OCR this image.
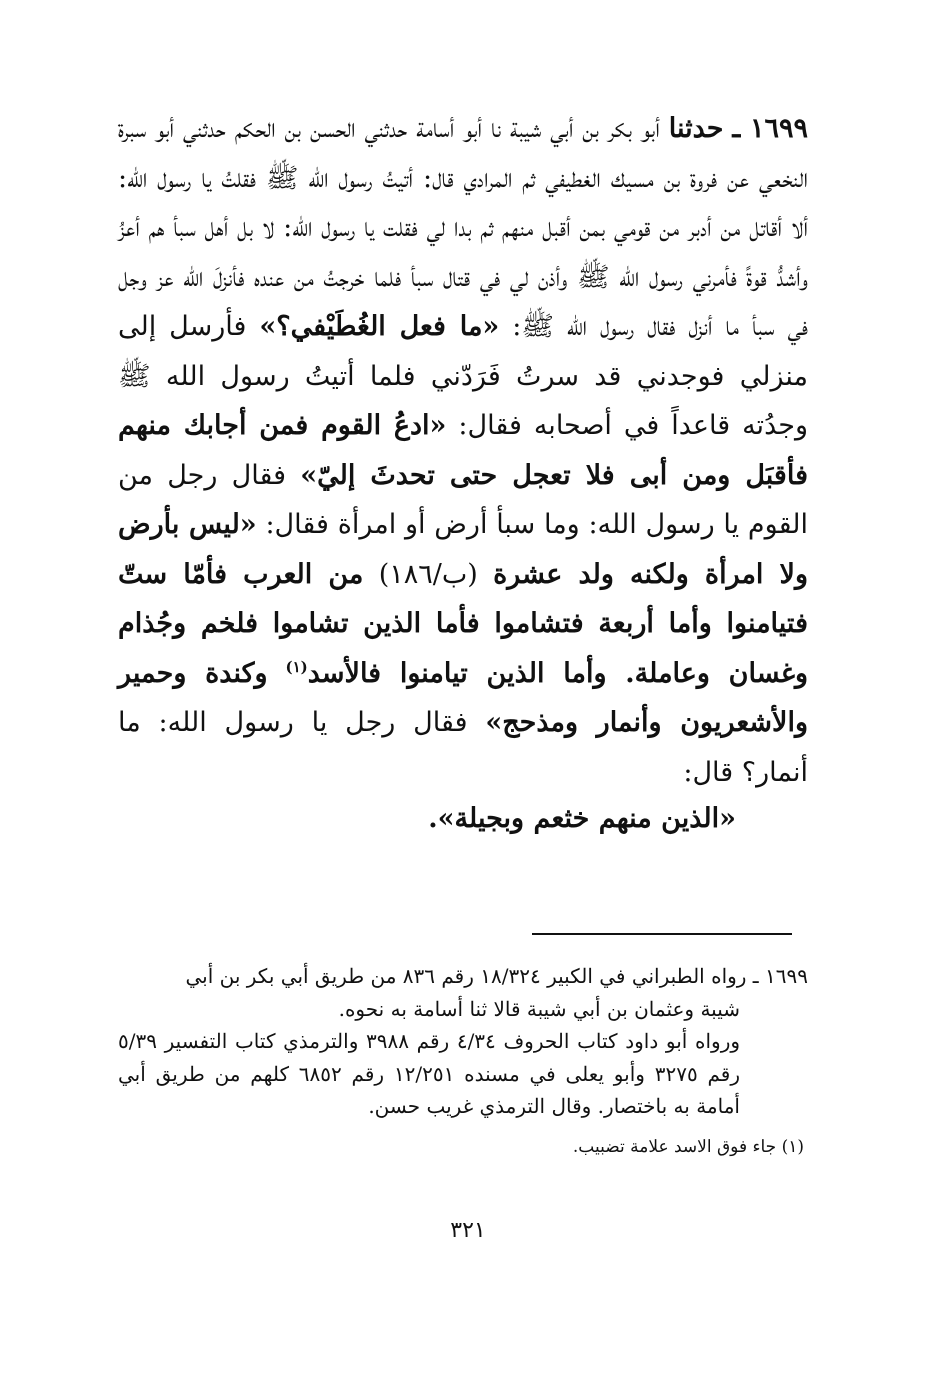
١٦٩٩ ـ حدثنا أبو بكر بن أبي شيبة نا أبو أسامة حدثني الحسن بن الحكم حدثني أبو سبرة النخعي عن فروة بن مسيك الغطيفي ثم المرادي قال: أتيتُ رسول الله ﷺ فقلتُ يا رسول الله: ألا أقاتل من أدبر من قومي بمن أقبل منهم ثم بدا لي فقلت يا رسول الله: لا بل أهل سبأ هم أعزُ وأشدُّ قوةً فأمرني رسول الله ﷺ وأذن لي في قتال سبأ فلما خرجتُ من عنده فأنزلَ الله عز وجل في سبأ ما أنزل فقال رسول الله ﷺ: «ما فعل الغُطَيْفي؟» فأرسل إلى منزلي فوجدني قد سرتُ فَرَدّني فلما أتيتُ رسول الله ﷺ وجدُته قاعداً في أصحابه فقال: «ادعُ القوم فمن أجابك منهم فأقبَل ومن أبى فلا تعجل حتى تحدثَ إليّ» فقال رجل من القوم يا رسول الله: وما سبأ أرض أو امرأة فقال: «ليس بأرض ولا امرأة ولكنه ولد عشرة (ب/١٨٦) من العرب فأمّا ستّ فتيامنوا وأما أربعة فتشاموا فأما الذين تشاموا فلخم وجُذام وغسان وعاملة. وأما الذين تيامنوا فالأسد$^{(١)}$ وكندة وحمير والأشعريون وأنمار ومذحج» فقال رجل يا رسول الله: ما أنمار؟ قال:

«الذين منهم خثعم وبجيلة».

١٦٩٩ ـ رواه الطبراني في الكبير ١٨/٣٢٤ رقم ٨٣٦ من طريق أبي بكر بن أبي

شيبة وعثمان بن أبي شيبة قالا ثنا أسامة به نحوه.

ورواه أبو داود كتاب الحروف ٤/٣٤ رقم ٣٩٨٨ والترمذي كتاب التفسير ٥/٣٩ رقم ٣٢٧٥ وأبو يعلى في مسنده ١٢/٢٥١ رقم ٦٨٥٢ كلهم من طريق أبي أمامة به باختصار. وقال الترمذي غريب حسن.

(١) جاء فوق الاسد علامة تضبيب.

٣٢١
